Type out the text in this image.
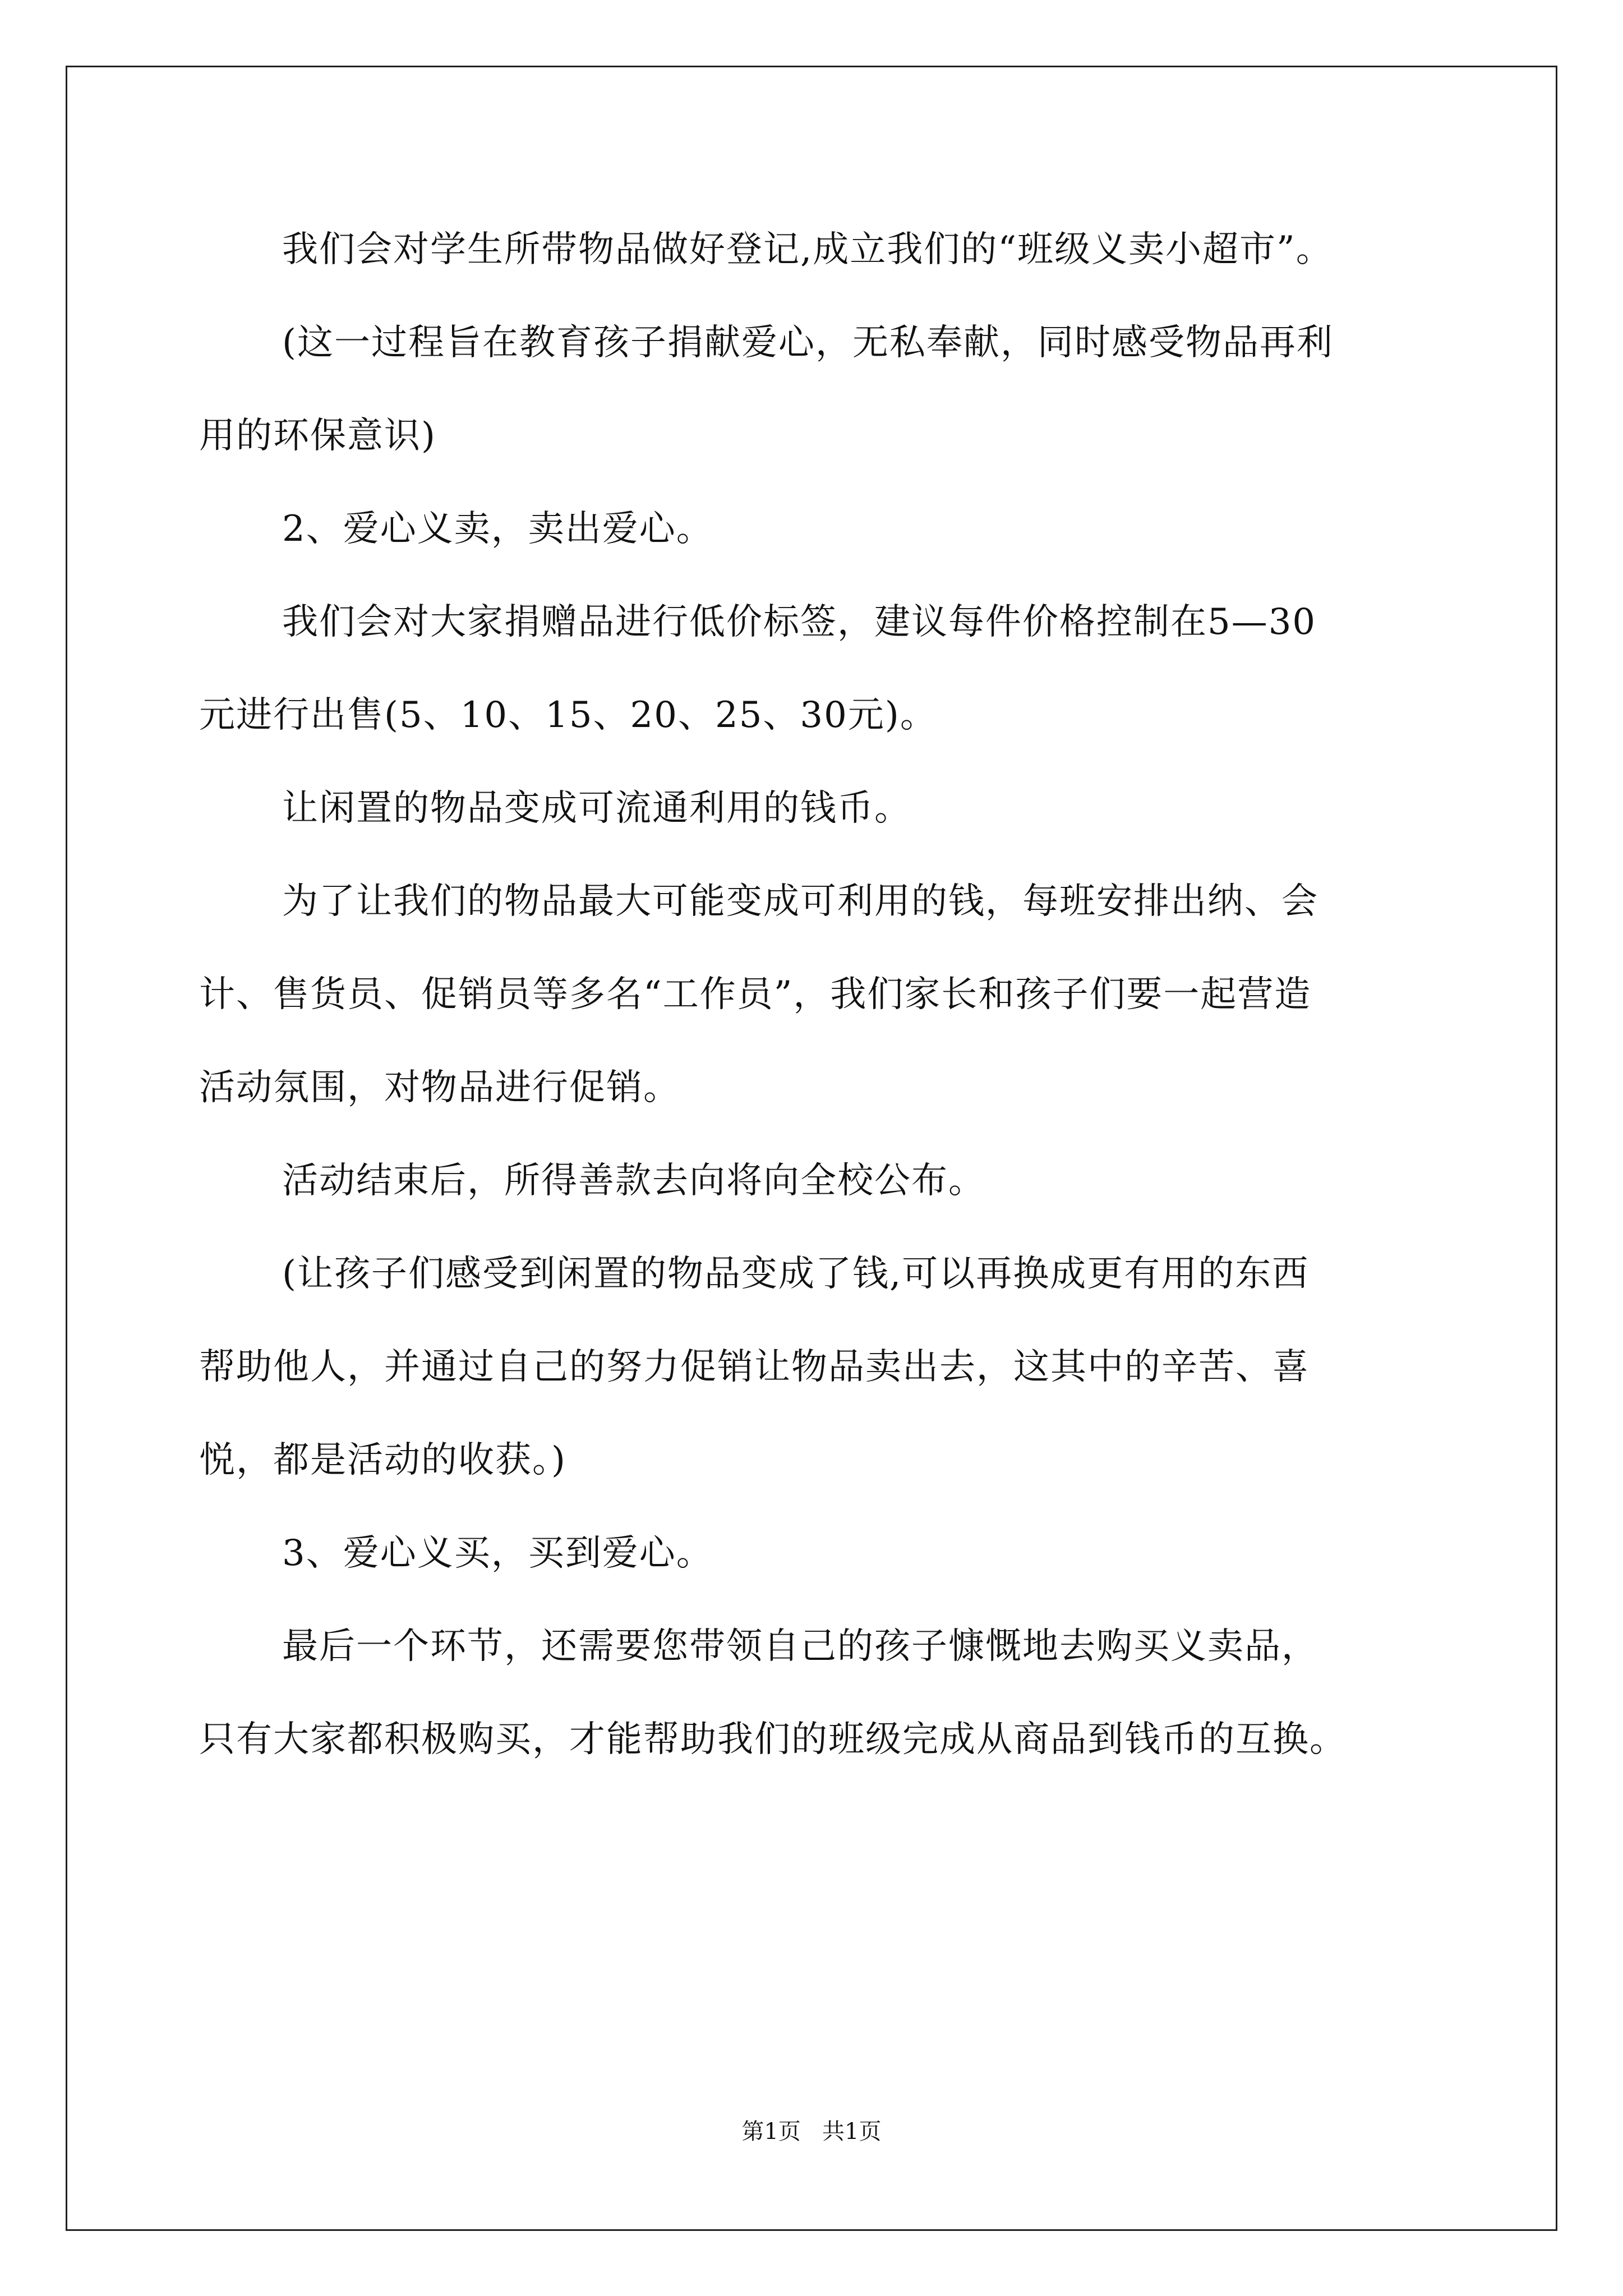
我们会对学生所带物品做好登记,成立我们的“班级义卖小超市”。
(这一过程旨在教育孩子捐献爱心，无私奉献，同时感受物品再利
用的环保意识)
2、爱心义卖，卖出爱心。
我们会对大家捐赠品进行低价标签，建议每件价格控制在5—30
元进行出售(5、10、15、20、25、30元)。
让闲置的物品变成可流通利用的钱币。
为了让我们的物品最大可能变成可利用的钱，每班安排出纳、会
计、售货员、促销员等多名“工作员”，我们家长和孩子们要一起营造
活动氛围，对物品进行促销。
活动结束后，所得善款去向将向全校公布。
(让孩子们感受到闲置的物品变成了钱,可以再换成更有用的东西
帮助他人，并通过自己的努力促销让物品卖出去，这其中的辛苦、喜
悦，都是活动的收获。)
3、爱心义买，买到爱心。
最后一个环节，还需要您带领自己的孩子慷慨地去购买义卖品，
只有大家都积极购买，才能帮助我们的班级完成从商品到钱币的互换。
第1页   共1页
